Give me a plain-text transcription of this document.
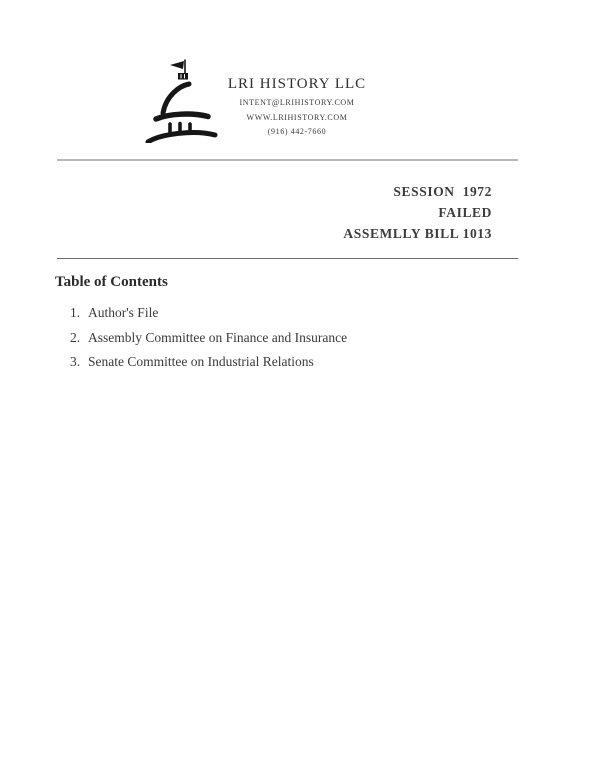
LRI HISTORY LLC
INTENT@LRIHISTORY.COM
WWW.LRIHISTORY.COM
(916) 442-7660
SESSION  1972
FAILED
ASSEMLLY BILL 1013
Table of Contents
1. Author's File
2. Assembly Committee on Finance and Insurance
3. Senate Committee on Industrial Relations
